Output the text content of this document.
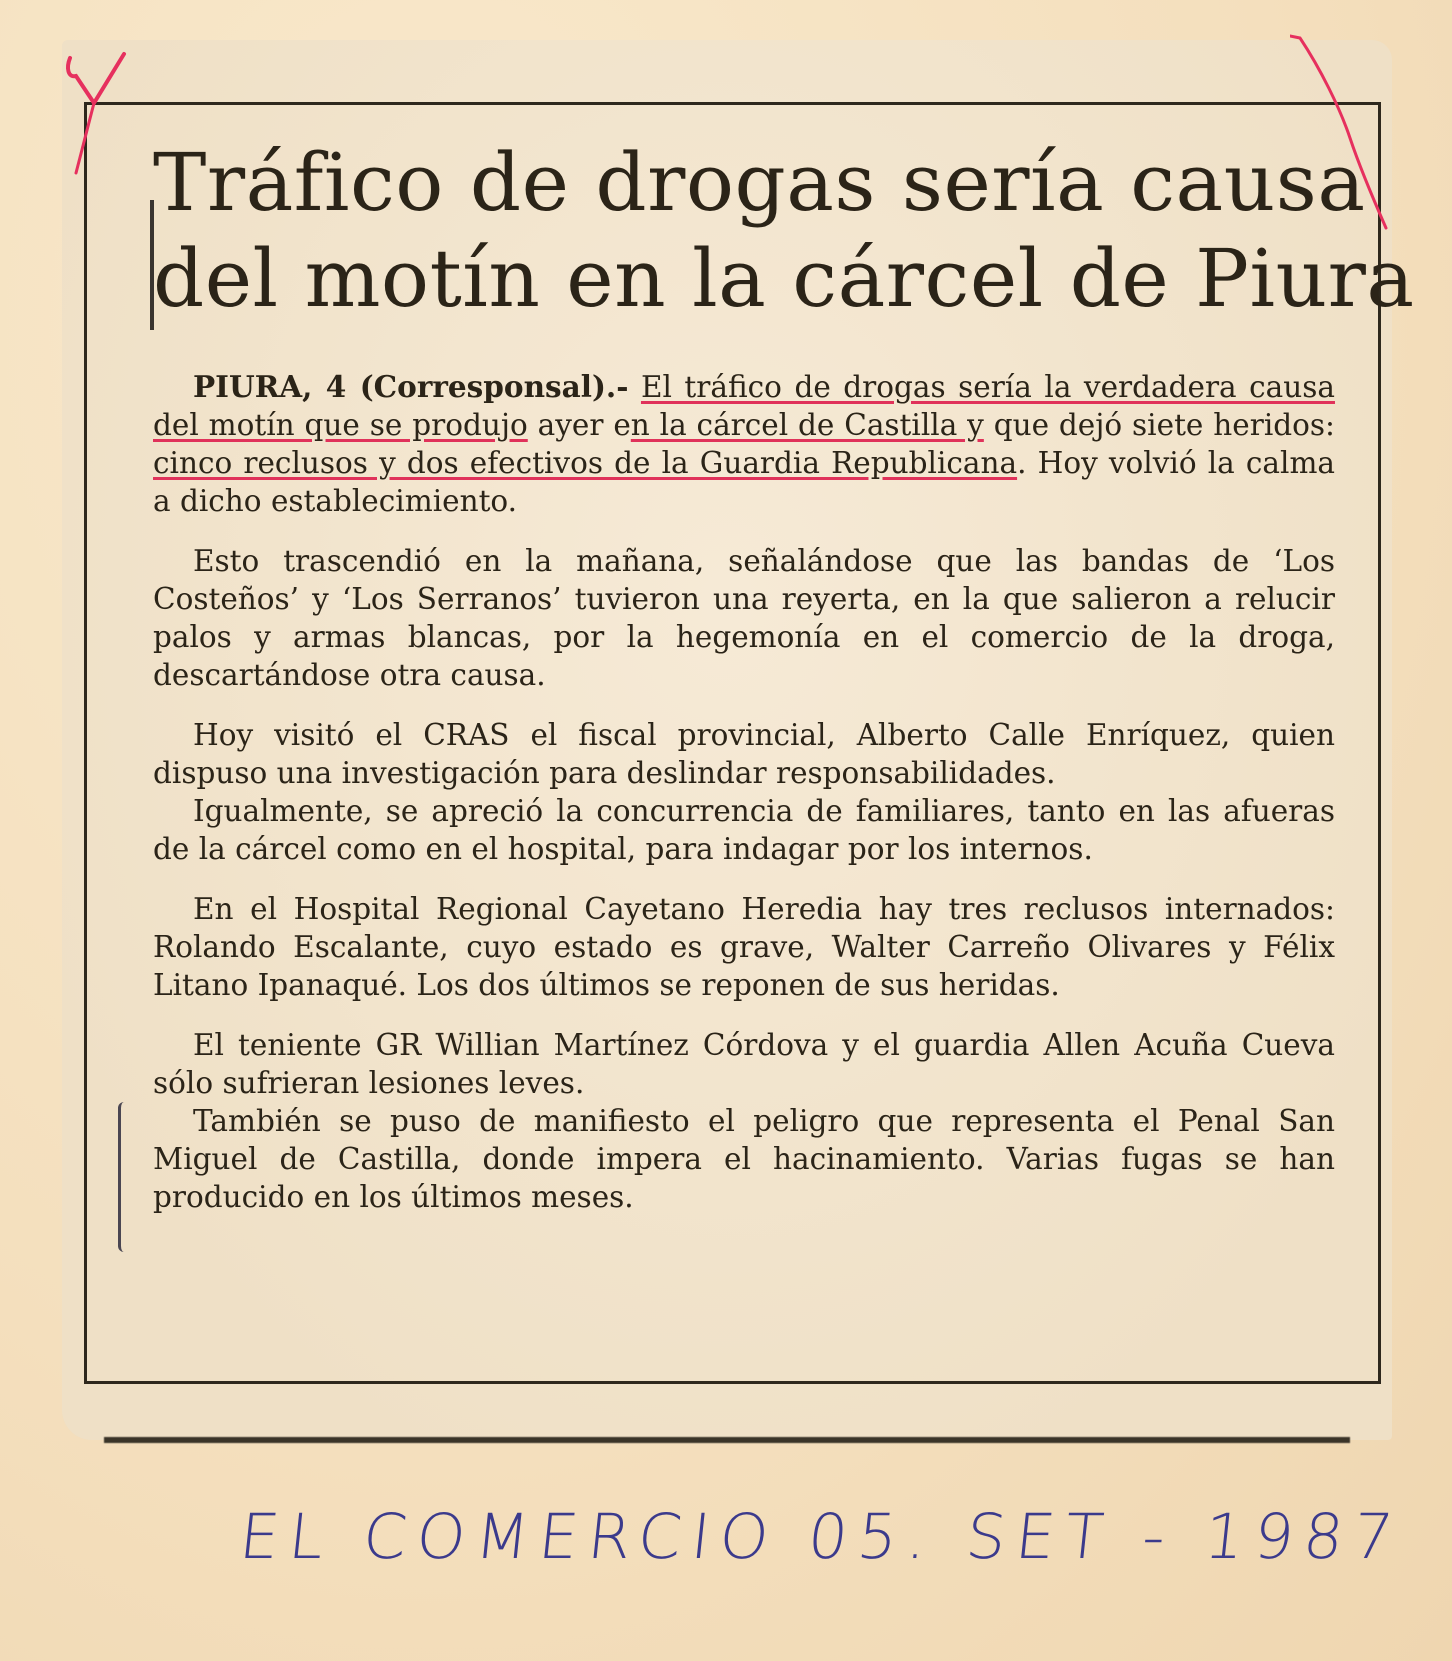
Tráfico de drogas sería causa
del motín en la cárcel de Piura

PIURA, 4 (Corresponsal).- El tráfico de drogas sería la verdadera causa del motín que se produjo ayer en la cárcel de Castilla y que dejó siete heridos: cinco reclusos y dos efectivos de la Guardia Republicana. Hoy volvió la calma a dicho establecimiento.

Esto trascendió en la mañana, señalándose que las bandas de ‘Los Costeños’ y ‘Los Serranos’ tuvieron una reyerta, en la que salieron a relucir palos y armas blancas, por la hegemonía en el comercio de la droga, descartándose otra causa.

Hoy visitó el CRAS el fiscal provincial, Alberto Calle Enríquez, quien dispuso una investigación para deslindar responsabilidades.

Igualmente, se apreció la concurrencia de familiares, tanto en las afueras de la cárcel como en el hospital, para indagar por los internos.

En el Hospital Regional Cayetano Heredia hay tres reclusos internados: Rolando Escalante, cuyo estado es grave, Walter Carreño Olivares y Félix Litano Ipanaqué. Los dos últimos se reponen de sus heridas.

El teniente GR Willian Martínez Córdova y el guardia Allen Acuña Cueva sólo sufrieran lesiones leves.

También se puso de manifiesto el peligro que representa el Penal San Miguel de Castilla, donde impera el hacinamiento. Varias fugas se han producido en los últimos meses.

EL COMERCIO 05. SET - 1987
